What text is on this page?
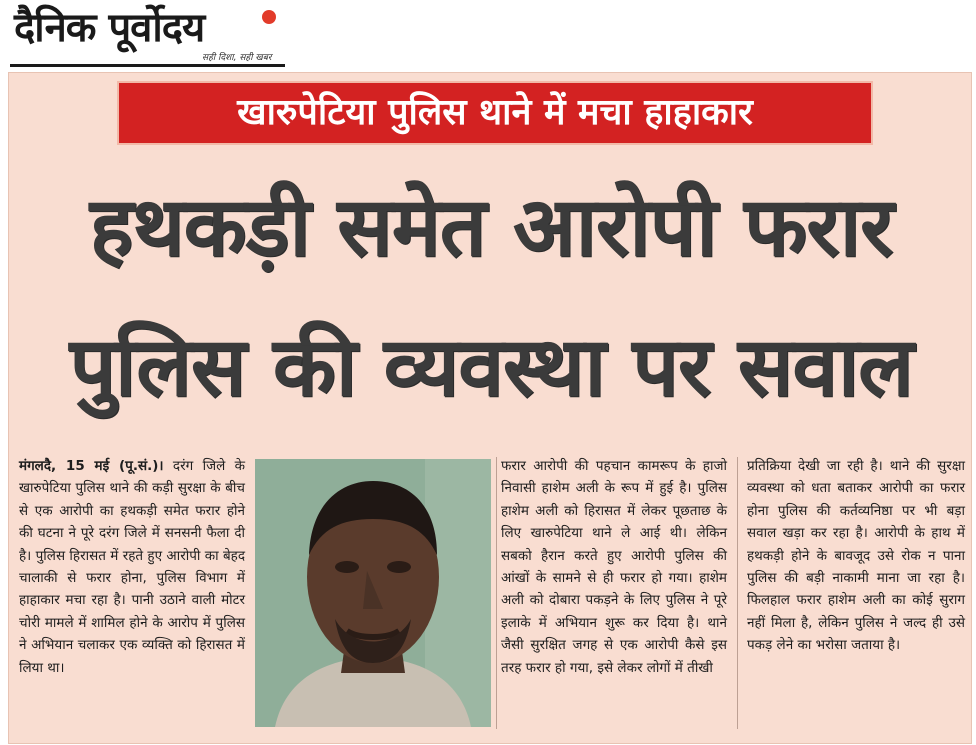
दैनिक पूर्वोदय
सही दिशा, सही खबर
खारुपेटिया पुलिस थाने में मचा हाहाकार
हथकड़ी समेत आरोपी फरार
पुलिस की व्यवस्था पर सवाल
मंगलदै, 15 मई (पू.सं.)। दरंग जिले के खारुपेटिया पुलिस थाने की कड़ी सुरक्षा के बीच से एक आरोपी का हथकड़ी समेत फरार होने की घटना ने पूरे दरंग जिले में सनसनी फैला दी है। पुलिस हिरासत में रहते हुए आरोपी का बेहद चालाकी से फरार होना, पुलिस विभाग में हाहाकार मचा रहा है। पानी उठाने वाली मोटर चोरी मामले में शामिल होने के आरोप में पुलिस ने अभियान चलाकर एक व्यक्ति को हिरासत में लिया था।
फरार आरोपी की पहचान कामरूप के हाजो निवासी हाशेम अली के रूप में हुई है। पुलिस हाशेम अली को हिरासत में लेकर पूछताछ के लिए खारुपेटिया थाने ले आई थी। लेकिन सबको हैरान करते हुए आरोपी पुलिस की आंखों के सामने से ही फरार हो गया। हाशेम अली को दोबारा पकड़ने के लिए पुलिस ने पूरे इलाके में अभियान शुरू कर दिया है। थाने जैसी सुरक्षित जगह से एक आरोपी कैसे इस तरह फरार हो गया, इसे लेकर लोगों में तीखी
प्रतिक्रिया देखी जा रही है। थाने की सुरक्षा व्यवस्था को धता बताकर आरोपी का फरार होना पुलिस की कर्तव्यनिष्ठा पर भी बड़ा सवाल खड़ा कर रहा है। आरोपी के हाथ में हथकड़ी होने के बावजूद उसे रोक न पाना पुलिस की बड़ी नाकामी माना जा रहा है। फिलहाल फरार हाशेम अली का कोई सुराग नहीं मिला है, लेकिन पुलिस ने जल्द ही उसे पकड़ लेने का भरोसा जताया है।
